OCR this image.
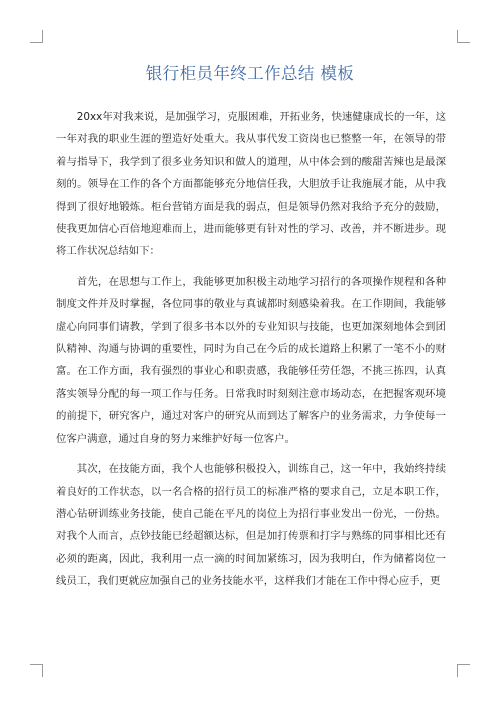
银行柜员年终工作总结 模板

20xx年对我来说，是加强学习，克服困难，开拓业务，快速健康成长的一年，这一年对我的职业生涯的塑造好处重大。我从事代发工资岗也已整整一年，在领导的带着与指导下，我学到了很多业务知识和做人的道理，从中体会到的酸甜苦辣也是最深刻的。领导在工作的各个方面都能够充分地信任我，大胆放手让我施展才能，从中我得到了很好地锻炼。柜台营销方面是我的弱点，但是领导仍然对我给予充分的鼓励，使我更加信心百倍地迎难而上，进而能够更有针对性的学习、改善，并不断进步。现将工作状况总结如下：

首先，在思想与工作上，我能够更加积极主动地学习招行的各项操作规程和各种制度文件并及时掌握，各位同事的敬业与真诚都时刻感染着我。在工作期间，我能够虚心向同事们请教，学到了很多书本以外的专业知识与技能，也更加深刻地体会到团队精神、沟通与协调的重要性，同时为自己在今后的成长道路上积累了一笔不小的财富。在工作方面，我有强烈的事业心和职责感，我能够任劳任怨，不挑三拣四，认真落实领导分配的每一项工作与任务。日常我时时刻刻注意市场动态，在把握客观环境的前提下，研究客户，通过对客户的研究从而到达了解客户的业务需求，力争使每一位客户满意，通过自身的努力来维护好每一位客户。

其次，在技能方面，我个人也能够积极投入，训练自己，这一年中，我始终持续着良好的工作状态，以一名合格的招行员工的标准严格的要求自己，立足本职工作，潜心钻研训练业务技能，使自己能在平凡的岗位上为招行事业发出一份光，一份热。对我个人而言，点钞技能已经超额达标，但是加打传票和打字与熟练的同事相比还有必须的距离，因此，我利用一点一滴的时间加紧练习，因为我明白，作为储蓄岗位一线员工，我们更就应加强自己的业务技能水平，这样我们才能在工作中得心应手，更
